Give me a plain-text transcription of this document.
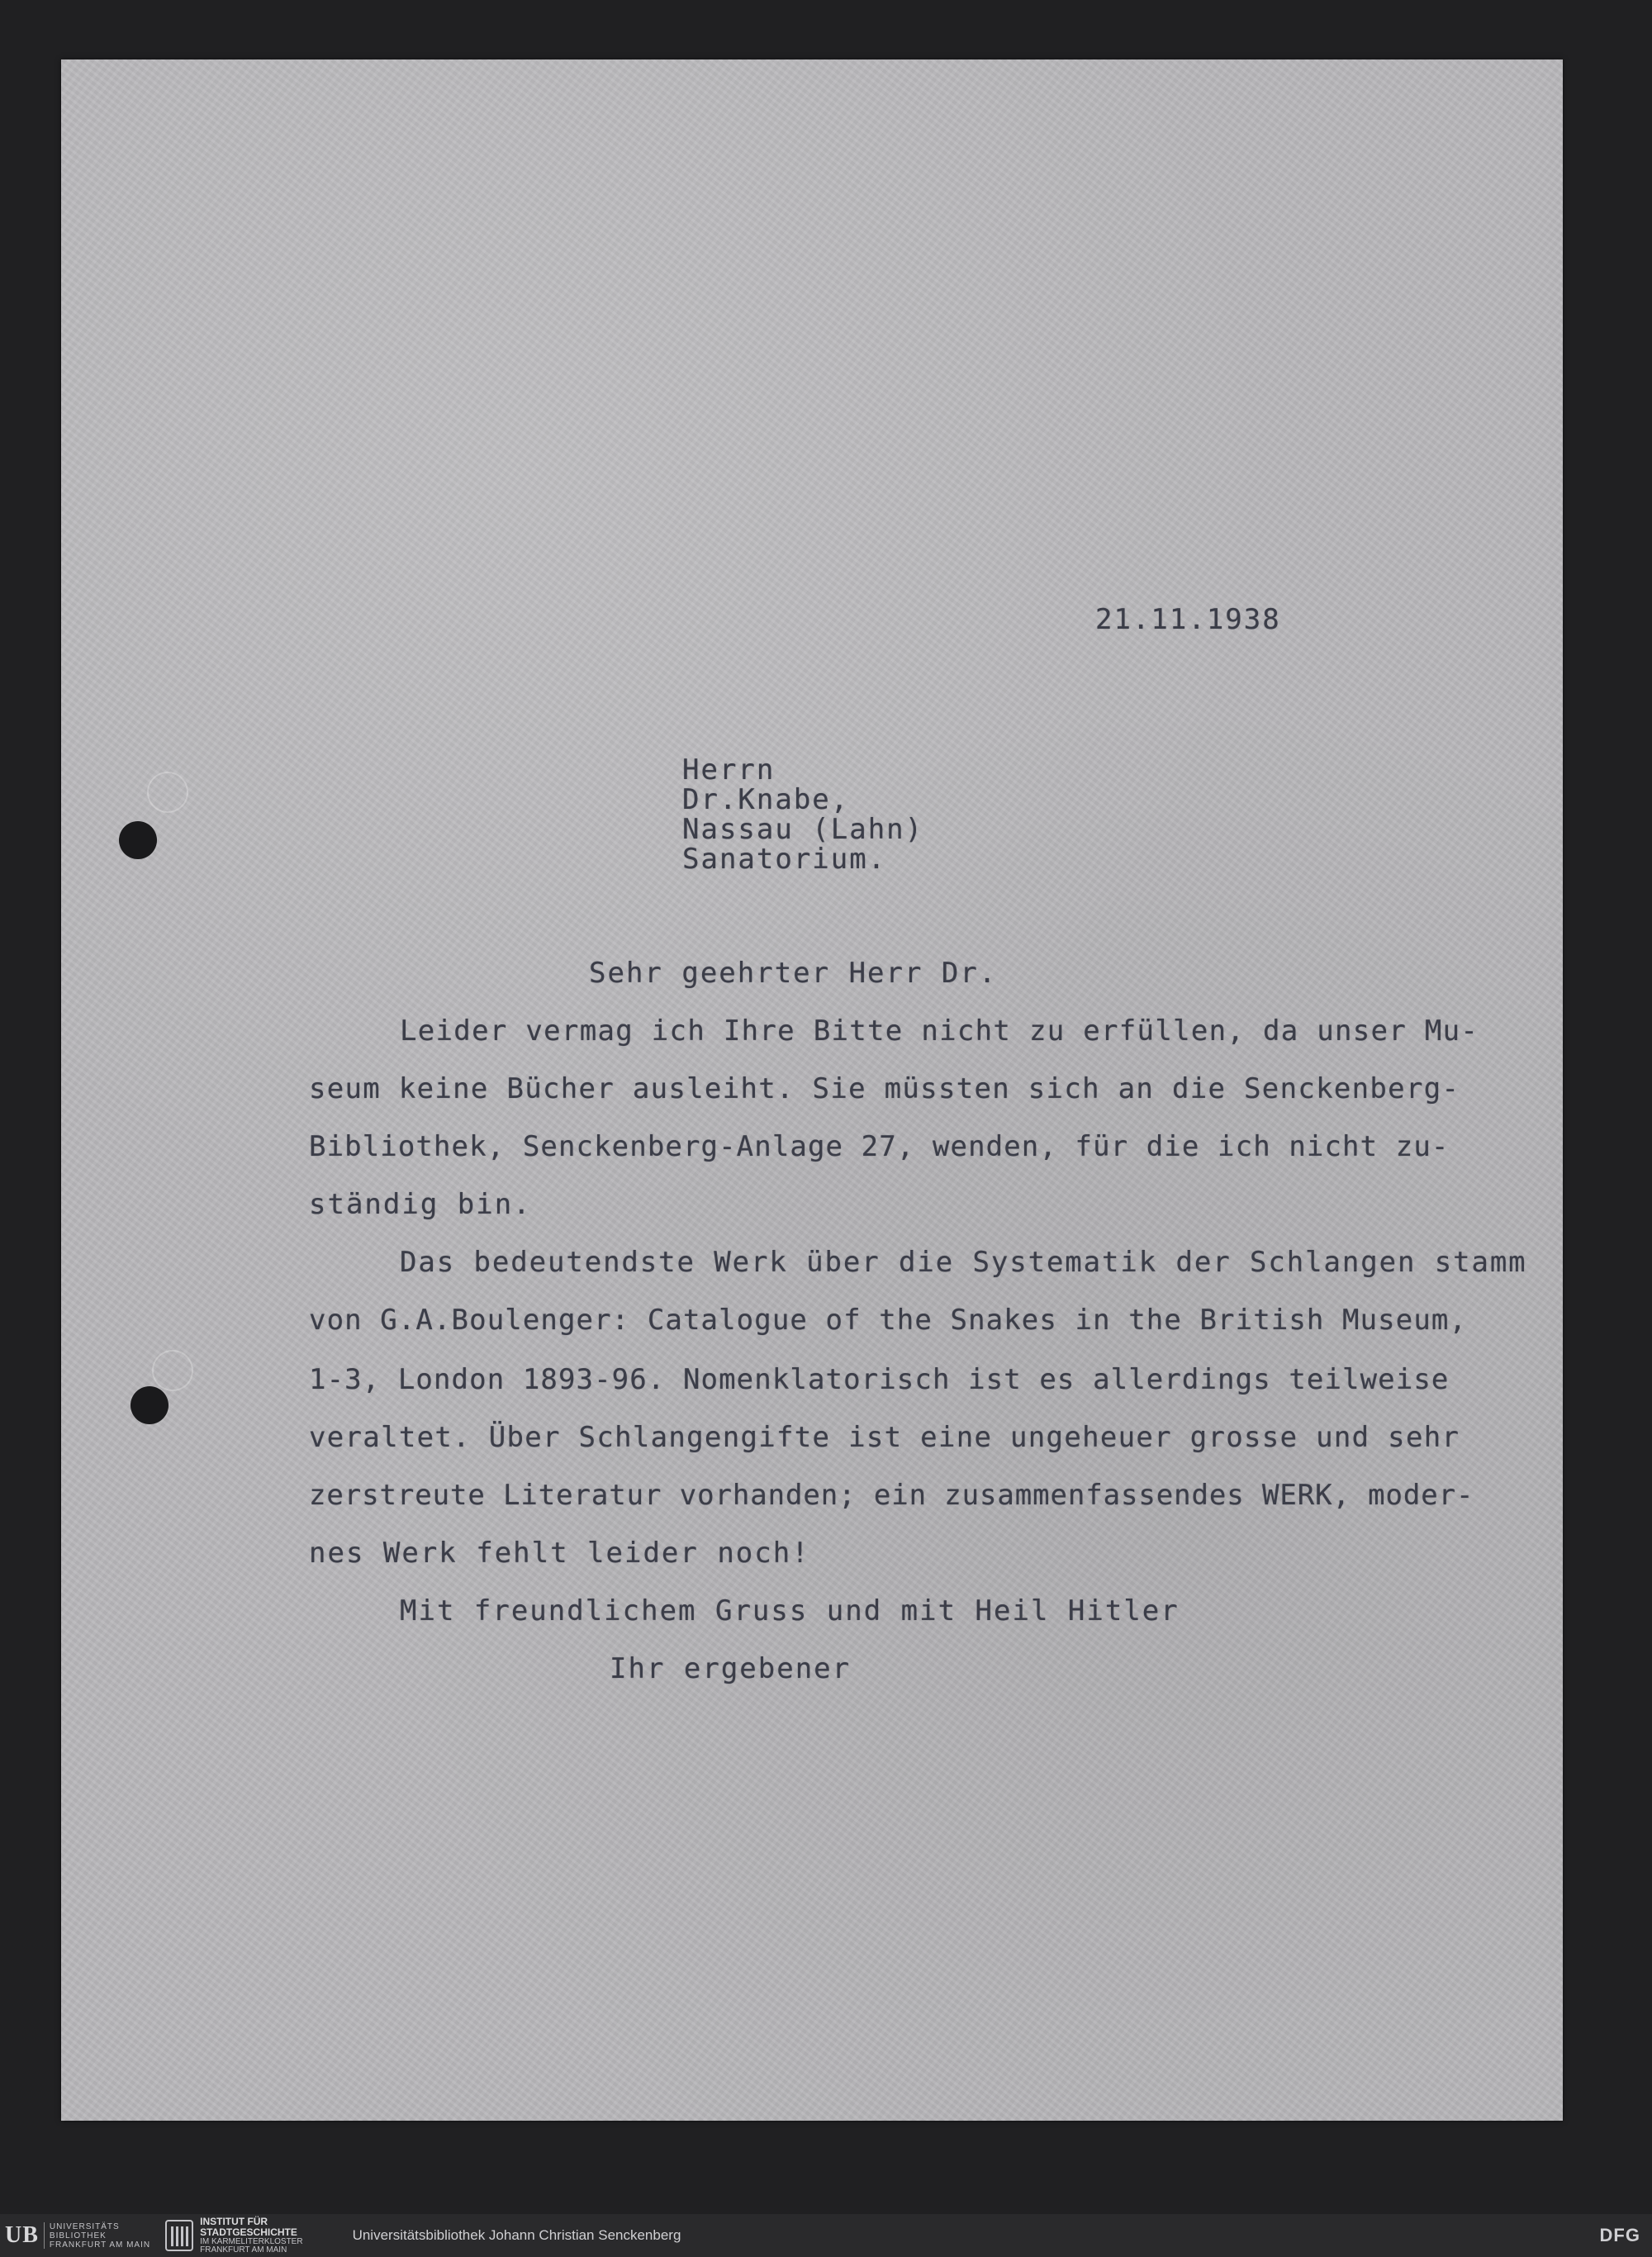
21.11.1938
Herrn
Dr.Knabe,
Nassau (Lahn)
Sanatorium.
Sehr geehrter Herr Dr.
Leider vermag ich Ihre Bitte nicht zu erfüllen, da unser Mu-
seum keine Bücher ausleiht. Sie müssten sich an die Senckenberg-
Bibliothek, Senckenberg-Anlage 27, wenden, für die ich nicht zu-
ständig bin.
Das bedeutendste Werk über die Systematik der Schlangen stamm
von G.A.Boulenger: Catalogue of the Snakes in the British Museum,
1-3, London 1893-96. Nomenklatorisch ist es allerdings teilweise
veraltet. Über Schlangengifte ist eine ungeheuer grosse und sehr
zerstreute Literatur vorhanden; ein zusammenfassendes WERK, moder-
nes Werk fehlt leider noch!
Mit freundlichem Gruss und mit Heil Hitler
Ihr ergebener
UB	UNIVERSITÄTS
BIBLIOTHEK
FRANKFURT AM MAIN
INSTITUT FÜR
STADTGESCHICHTE
IM KARMELITERKLOSTER
FRANKFURT AM MAIN
Universitätsbibliothek Johann Christian Senckenberg	DFG
